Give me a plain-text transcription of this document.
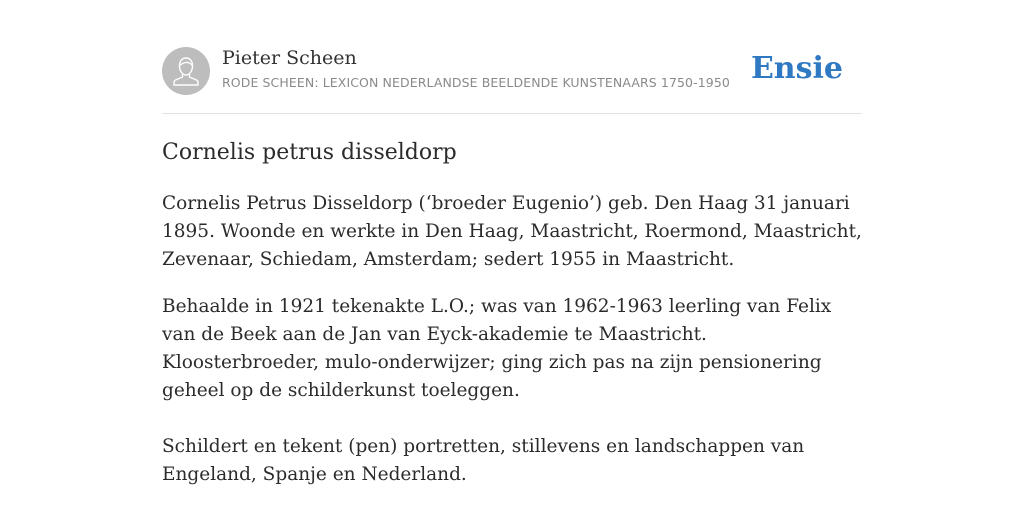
Pieter Scheen
RODE SCHEEN: LEXICON NEDERLANDSE BEELDENDE KUNSTENAARS 1750-1950 Ensie
Cornelis petrus disseldorp

Cornelis Petrus Disseldorp (‘broeder Eugenio’) geb. Den Haag 31 januari 1895. Woonde en werkte in Den Haag, Maastricht, Roermond, Maastricht, Zevenaar, Schiedam, Amsterdam; sedert 1955 in Maastricht.

Behaalde in 1921 tekenakte L.O.; was van 1962-1963 leerling van Felix van de Beek aan de Jan van Eyck-akademie te Maastricht. Kloosterbroeder, mulo-onderwijzer; ging zich pas na zijn pensionering geheel op de schilderkunst toeleggen.

Schildert en tekent (pen) portretten, stillevens en landschappen van Engeland, Spanje en Nederland.
